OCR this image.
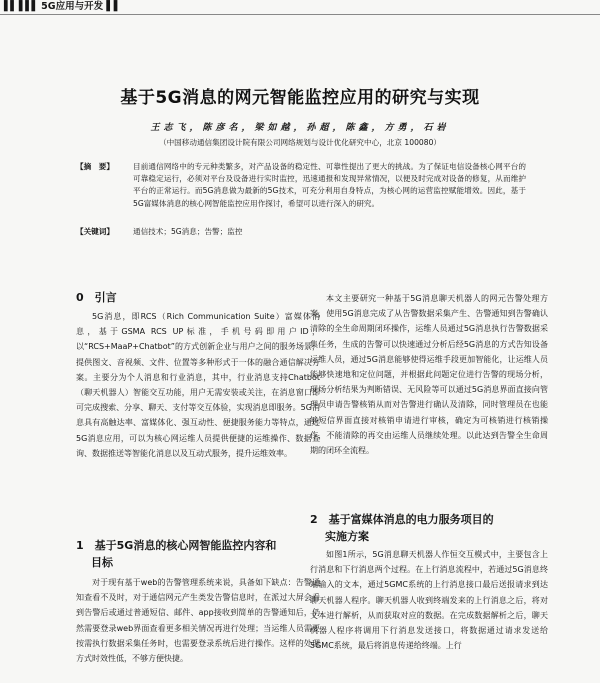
▌▌ ▌▌▌ 5G应用与开发 ▌▌
基于5G消息的网元智能监控应用的研究与实现
王志飞，陈彦名，梁如越，孙超，陈鑫，方勇，石岩
（中国移动通信集团设计院有限公司网络规划与设计优化研究中心，北京 100080）
【摘　要】	目前通信网络中的专元种类繁多，对产品设备的稳定性、可靠性提出了更大的挑战。为了保证电信设备核心网平台的可靠稳定运行，必须对平台及设备进行实时监控，迅速通报和发现异常情况，以便及时完成对设备的修复，从而维护平台的正常运行。而5G消息做为最新的5G技术，可充分利用自身特点，为核心网的运营监控赋能增效。因此，基于5G富媒体消息的核心网智能监控应用作探讨，希望可以进行深入的研究。
【关键词】	通信技术；5G消息；告警；监控
0　引言

5G消息，即RCS（Rich Communication Suite）富媒体消息，基于GSMA RCS UP标准，手机号码即用户ID，以“RCS+MaaP+Chatbot”的方式创新企业与用户之间的服务场景，提供图文、音视频、文件、位置等多种形式于一体的融合通信解决方案。主要分为个人消息和行业消息，其中，行业消息支持Chatbot（聊天机器人）智能交互功能，用户无需安装或关注，在消息窗口即可完成搜索、分享、聊天、支付等交互体验，实现消息即服务。5G消息具有高触达率、富媒体化、强互动性、便捷服务能力等特点，通过5G消息应用，可以为核心网运维人员提供便捷的运维操作、数据查询、数据推送等智能化消息以及互动式服务，提升运维效率。

1　基于5G消息的核心网智能监控内容和
目标

对于现有基于web的告警管理系统来说，具备如下缺点：告警通知查看不及时，对于通信网元产生类发告警信息时，在派过大屏会看到告警后或通过普通短信、邮件、app接收到简单的告警通知后，仍然需要登录web界面查看更多相关情况再进行处理；当运维人员需要按需执行数据采集任务时，也需要登录系统后进行操作。这样的处理方式时效性低，不够方便快捷。

本文主要研究一种基于5G消息聊天机器人的网元告警处理方案，使用5G消息完成了从告警数据采集产生、告警通知到告警确认清除的全生命周期闭环操作，运维人员通过5G消息执行告警数据采集任务，生成的告警可以快速通过分析后经5G消息的方式告知设备运维人员，通过5G消息能够使得运维手段更加智能化，让运维人员能够快速地和定位问题，并根据此问题定位进行告警的现场分析，现场分析结果为判断错误、无风险等可以通过5G消息界面直接向管理员申请告警核销从而对告警进行确认及清除，同时管理员在也能够短信界面直接对核销申请进行审核，确定为可核销进行核销操作，不能清除的再交由运维人员继续处理。以此达到告警全生命周期的闭环全流程。

2　基于富媒体消息的电力服务项目的
实施方案

如图1所示，5G消息聊天机器人作恒交互模式中，主要包含上行消息和下行消息两个过程。在上行消息流程中，若通过5G消息终端输入的文本，通过5GMC系统的上行消息接口最后送报请求到达聊天机器人程序。聊天机器人收到终端发来的上行消息之后，将对文本进行解析，从而获取对应的数据。在完成数据解析之后，聊天机器人程序将调用下行消息发送接口，将数据通过请求发送给5GMC系统，最后将消息传递给终端。上行
